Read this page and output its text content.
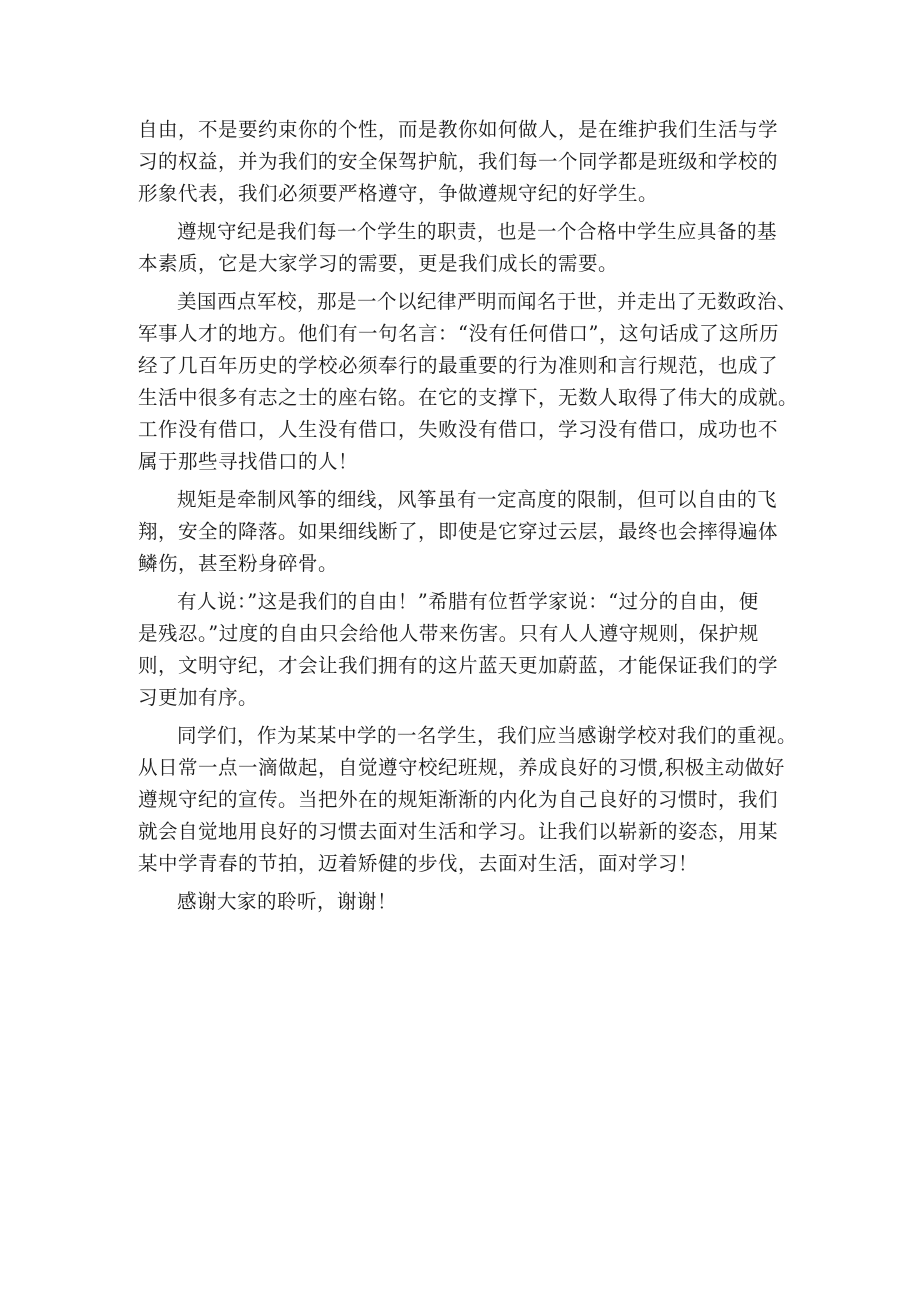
自由，不是要约束你的个性，而是教你如何做人，是在维护我们生活与学
习的权益，并为我们的安全保驾护航，我们每一个同学都是班级和学校的
形象代表，我们必须要严格遵守，争做遵规守纪的好学生。

遵规守纪是我们每一个学生的职责，也是一个合格中学生应具备的基
本素质，它是大家学习的需要，更是我们成长的需要。

美国西点军校，那是一个以纪律严明而闻名于世，并走出了无数政治、
军事人才的地方。他们有一句名言：“没有任何借口”，这句话成了这所历
经了几百年历史的学校必须奉行的最重要的行为准则和言行规范，也成了
生活中很多有志之士的座右铭。在它的支撑下，无数人取得了伟大的成就。
工作没有借口，人生没有借口，失败没有借口，学习没有借口，成功也不
属于那些寻找借口的人！

规矩是牵制风筝的细线，风筝虽有一定高度的限制，但可以自由的飞
翔，安全的降落。如果细线断了，即使是它穿过云层，最终也会摔得遍体
鳞伤，甚至粉身碎骨。

有人说：”这是我们的自由！”希腊有位哲学家说：“过分的自由，便
是残忍。”过度的自由只会给他人带来伤害。只有人人遵守规则，保护规
则，文明守纪，才会让我们拥有的这片蓝天更加蔚蓝，才能保证我们的学
习更加有序。

同学们，作为某某中学的一名学生，我们应当感谢学校对我们的重视。
从日常一点一滴做起，自觉遵守校纪班规，养成良好的习惯,积极主动做好
遵规守纪的宣传。当把外在的规矩渐渐的内化为自己良好的习惯时，我们
就会自觉地用良好的习惯去面对生活和学习。让我们以崭新的姿态，用某
某中学青春的节拍，迈着矫健的步伐，去面对生活，面对学习！

感谢大家的聆听，谢谢！
